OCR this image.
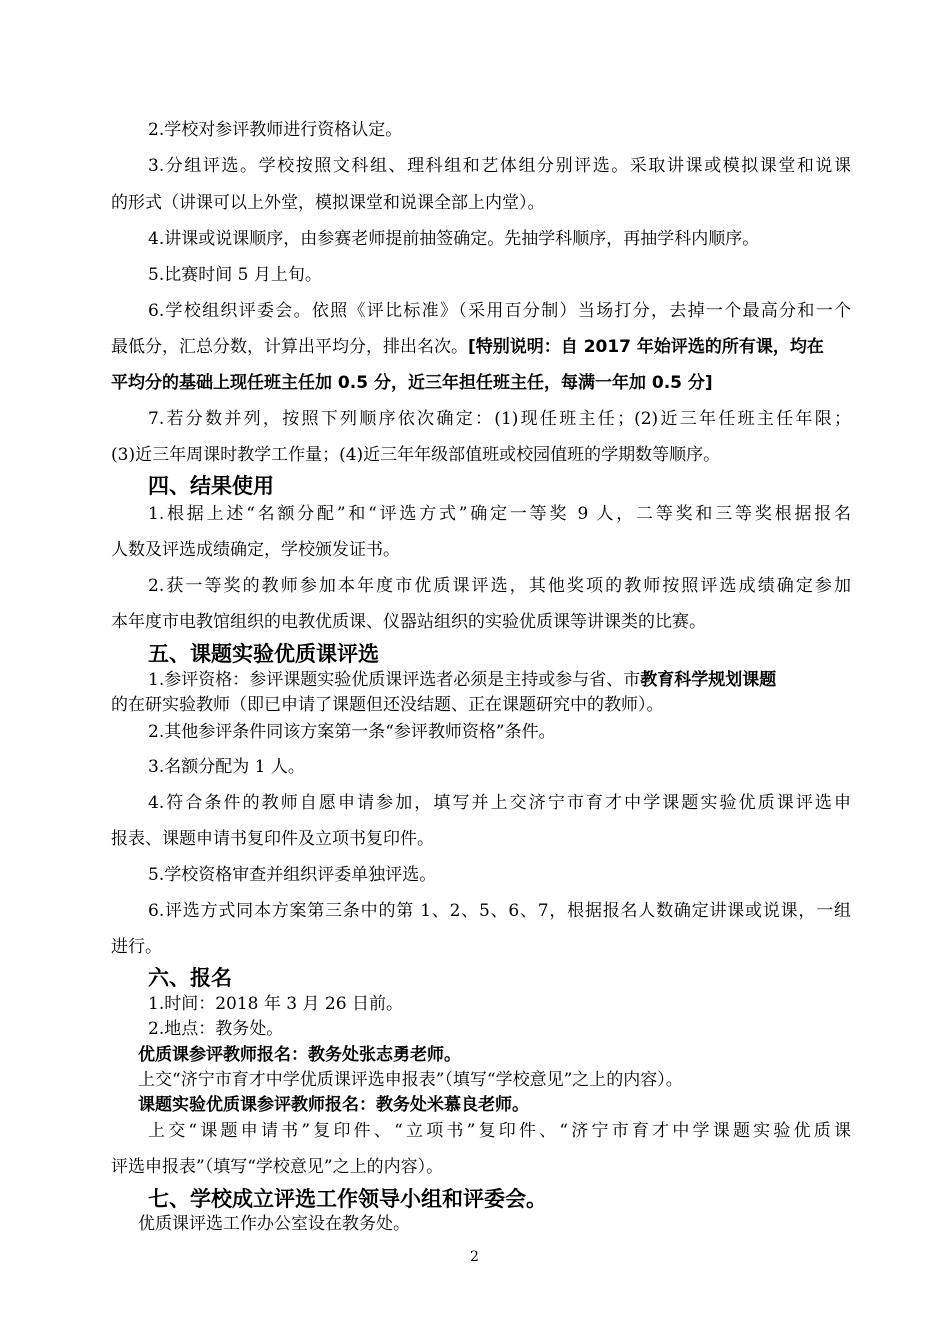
2.学校对参评教师进行资格认定。
3.分组评选。学校按照文科组、理科组和艺体组分别评选。采取讲课或模拟课堂和说课
的形式（讲课可以上外堂，模拟课堂和说课全部上内堂）。
4.讲课或说课顺序，由参赛老师提前抽签确定。先抽学科顺序，再抽学科内顺序。
5.比赛时间 5 月上旬。
6.学校组织评委会。依照《评比标准》（采用百分制）当场打分，去掉一个最高分和一个
最低分，汇总分数，计算出平均分，排出名次。[特别说明：自 2017 年始评选的所有课，均在
平均分的基础上现任班主任加 0.5 分，近三年担任班主任，每满一年加 0.5 分]
7.若分数并列，按照下列顺序依次确定：(1)现任班主任；(2)近三年任班主任年限；
(3)近三年周课时教学工作量；(4)近三年年级部值班或校园值班的学期数等顺序。
四、结果使用
1.根据上述“名额分配”和“评选方式”确定一等奖 9 人，二等奖和三等奖根据报名
人数及评选成绩确定，学校颁发证书。
2.获一等奖的教师参加本年度市优质课评选，其他奖项的教师按照评选成绩确定参加
本年度市电教馆组织的电教优质课、仪器站组织的实验优质课等讲课类的比赛。
五、课题实验优质课评选
1.参评资格：参评课题实验优质课评选者必须是主持或参与省、市教育科学规划课题
的在研实验教师（即已申请了课题但还没结题、正在课题研究中的教师）。
2.其他参评条件同该方案第一条“参评教师资格”条件。
3.名额分配为 1 人。
4.符合条件的教师自愿申请参加，填写并上交济宁市育才中学课题实验优质课评选申
报表、课题申请书复印件及立项书复印件。
5.学校资格审查并组织评委单独评选。
6.评选方式同本方案第三条中的第 1、2、5、6、7，根据报名人数确定讲课或说课，一组
进行。
六、报名
1.时间：2018 年 3 月 26 日前。
2.地点：教务处。
优质课参评教师报名：教务处张志勇老师。
上交“济宁市育才中学优质课评选申报表”（填写“学校意见”之上的内容）。
课题实验优质课参评教师报名：教务处米慕良老师。
上交“课题申请书”复印件、“立项书”复印件、“济宁市育才中学课题实验优质课
评选申报表”（填写“学校意见”之上的内容）。
七、学校成立评选工作领导小组和评委会。
优质课评选工作办公室设在教务处。
2
